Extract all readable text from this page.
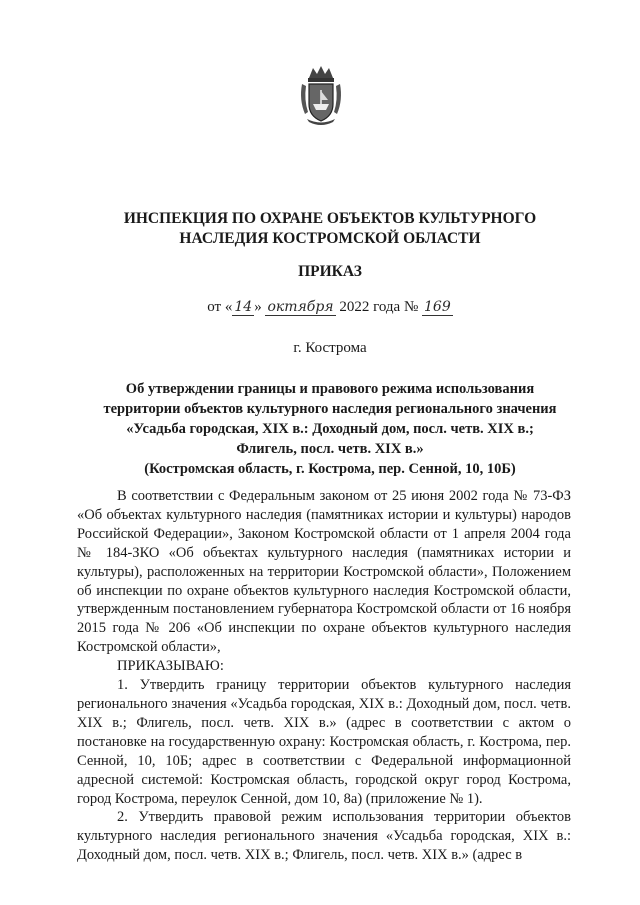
ИНСПЕКЦИЯ ПО ОХРАНЕ ОБЪЕКТОВ КУЛЬТУРНОГО
НАСЛЕДИЯ КОСТРОМСКОЙ ОБЛАСТИ
ПРИКАЗ
от « 14 » октября 2022 года № 169
г. Кострома
Об утверждении границы и правового режима использования
территории объектов культурного наследия регионального значения
«Усадьба городская, XIX в.: Доходный дом, посл. четв. XIX в.;
Флигель, посл. четв. XIX в.»
(Костромская область, г. Кострома, пер. Сенной, 10, 10Б)

В соответствии с Федеральным законом от 25 июня 2002 года № 73-ФЗ «Об объектах культурного наследия (памятниках истории и культуры) народов Российской Федерации», Законом Костромской области от 1 апреля 2004 года № 184-ЗКО «Об объектах культурного наследия (памятниках истории и культуры), расположенных на территории Костромской области», Положением об инспекции по охране объектов культурного наследия Костромской области, утвержденным постановлением губернатора Костромской области от 16 ноября 2015 года № 206 «Об инспекции по охране объектов культурного наследия Костромской области»,

ПРИКАЗЫВАЮ:

1. Утвердить границу территории объектов культурного наследия регионального значения «Усадьба городская, XIX в.: Доходный дом, посл. четв. XIX в.; Флигель, посл. четв. XIX в.» (адрес в соответствии с актом о постановке на государственную охрану: Костромская область, г. Кострома, пер. Сенной, 10, 10Б; адрес в соответствии с Федеральной информационной адресной системой: Костромская область, городской округ город Кострома, город Кострома, переулок Сенной, дом 10, 8а) (приложение № 1).

2. Утвердить правовой режим использования территории объектов культурного наследия регионального значения «Усадьба городская, XIX в.: Доходный дом, посл. четв. XIX в.; Флигель, посл. четв. XIX в.» (адрес в
